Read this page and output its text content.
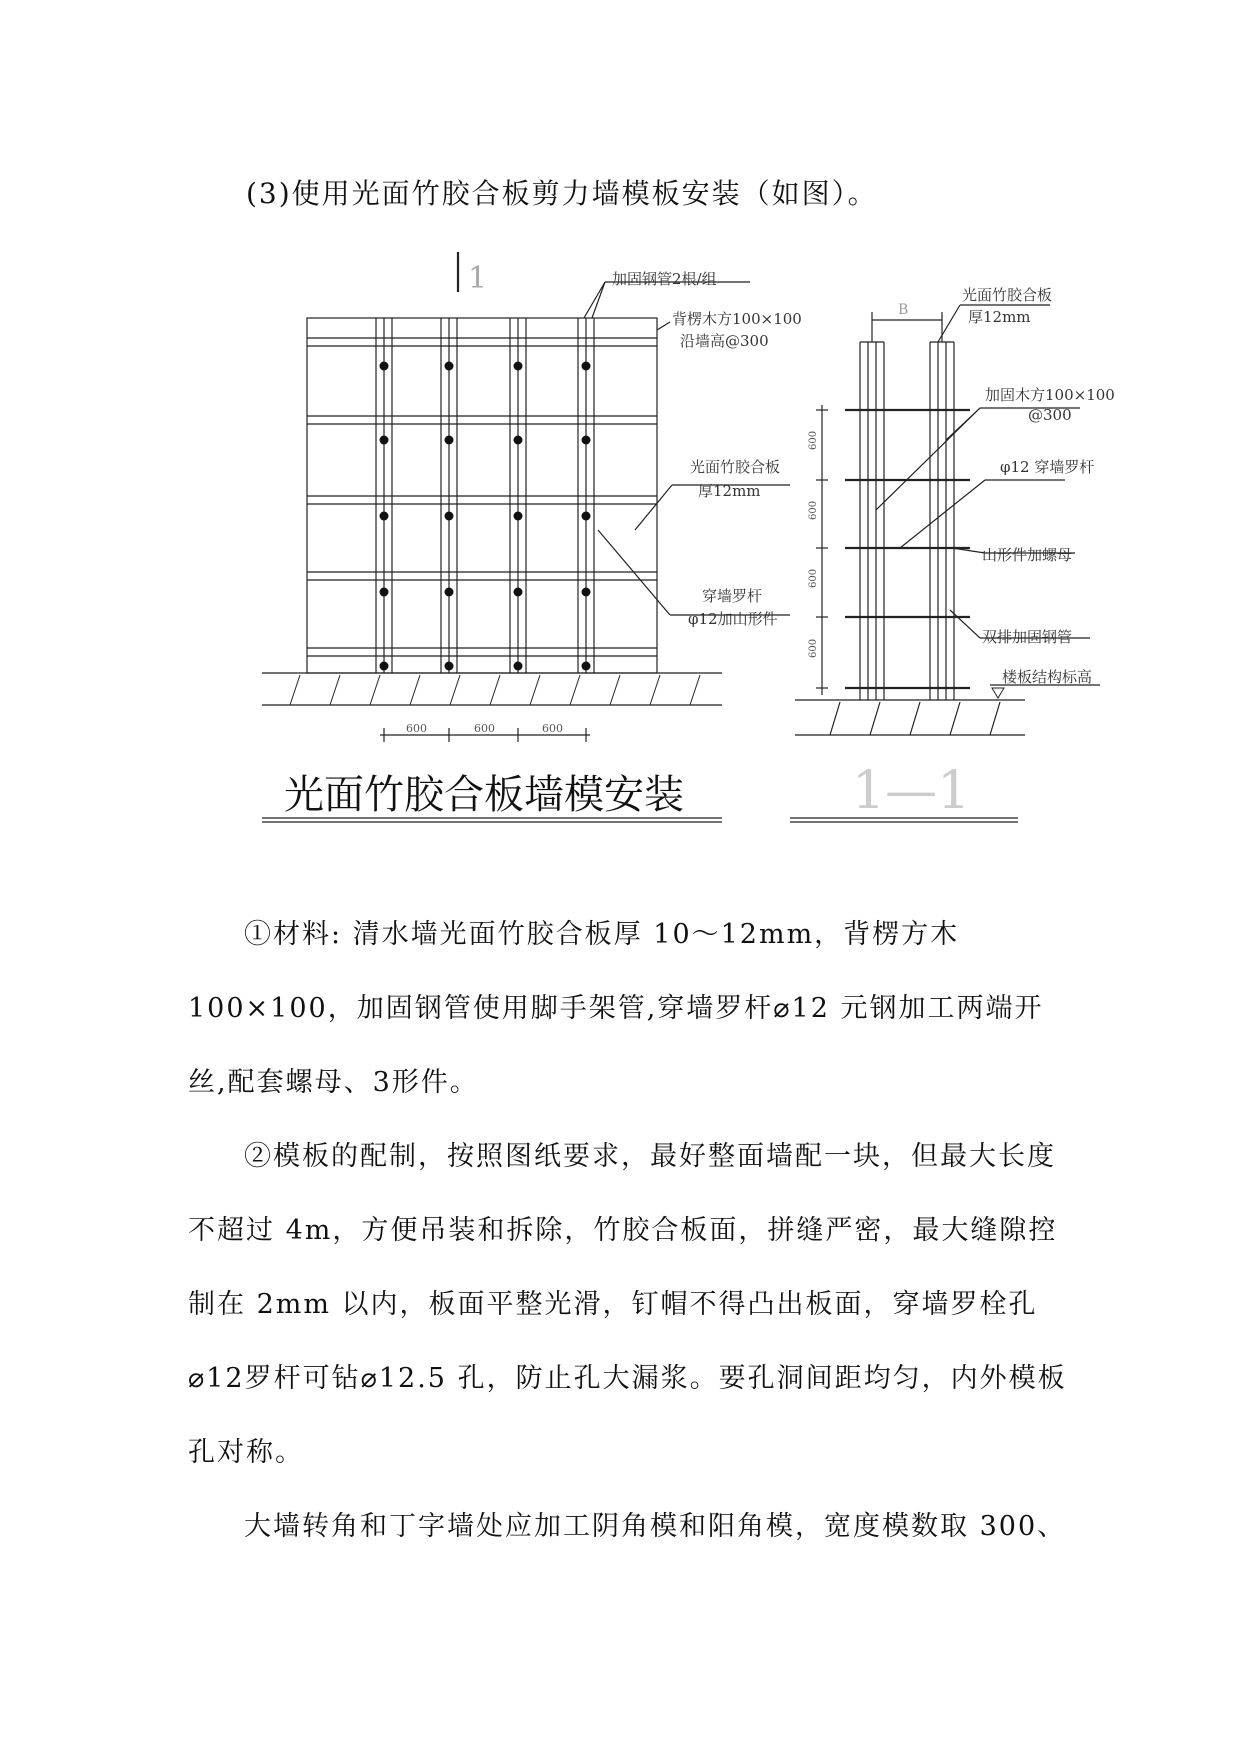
(3)使用光面竹胶合板剪力墙模板安装（如图）。

1	加固钢管2根/组
背楞木方100×100
沿墙高@300
光面竹胶合板
厚12mm
穿墙罗杆
φ12加山形件
600	600	600
光面竹胶合板墙模安装
B
光面竹胶合板
厚12mm
加固木方100×100
@300
φ12 穿墙罗杆
山形件加螺母
双排加固钢管
楼板结构标高
600
600
600
600
1—1

①材料: 清水墙光面竹胶合板厚 10～12mm，背楞方木 100×100，加固钢管使用脚手架管,穿墙罗杆⌀12 元钢加工两端开丝,配套螺母、3形件。

②模板的配制，按照图纸要求，最好整面墙配一块，但最大长度不超过 4m，方便吊装和拆除，竹胶合板面，拼缝严密，最大缝隙控制在 2mm 以内，板面平整光滑，钉帽不得凸出板面，穿墙罗栓孔⌀12罗杆可钻⌀12.5 孔，防止孔大漏浆。要孔洞间距均匀，内外模板孔对称。

大墙转角和丁字墙处应加工阴角模和阳角模，宽度模数取 300、
